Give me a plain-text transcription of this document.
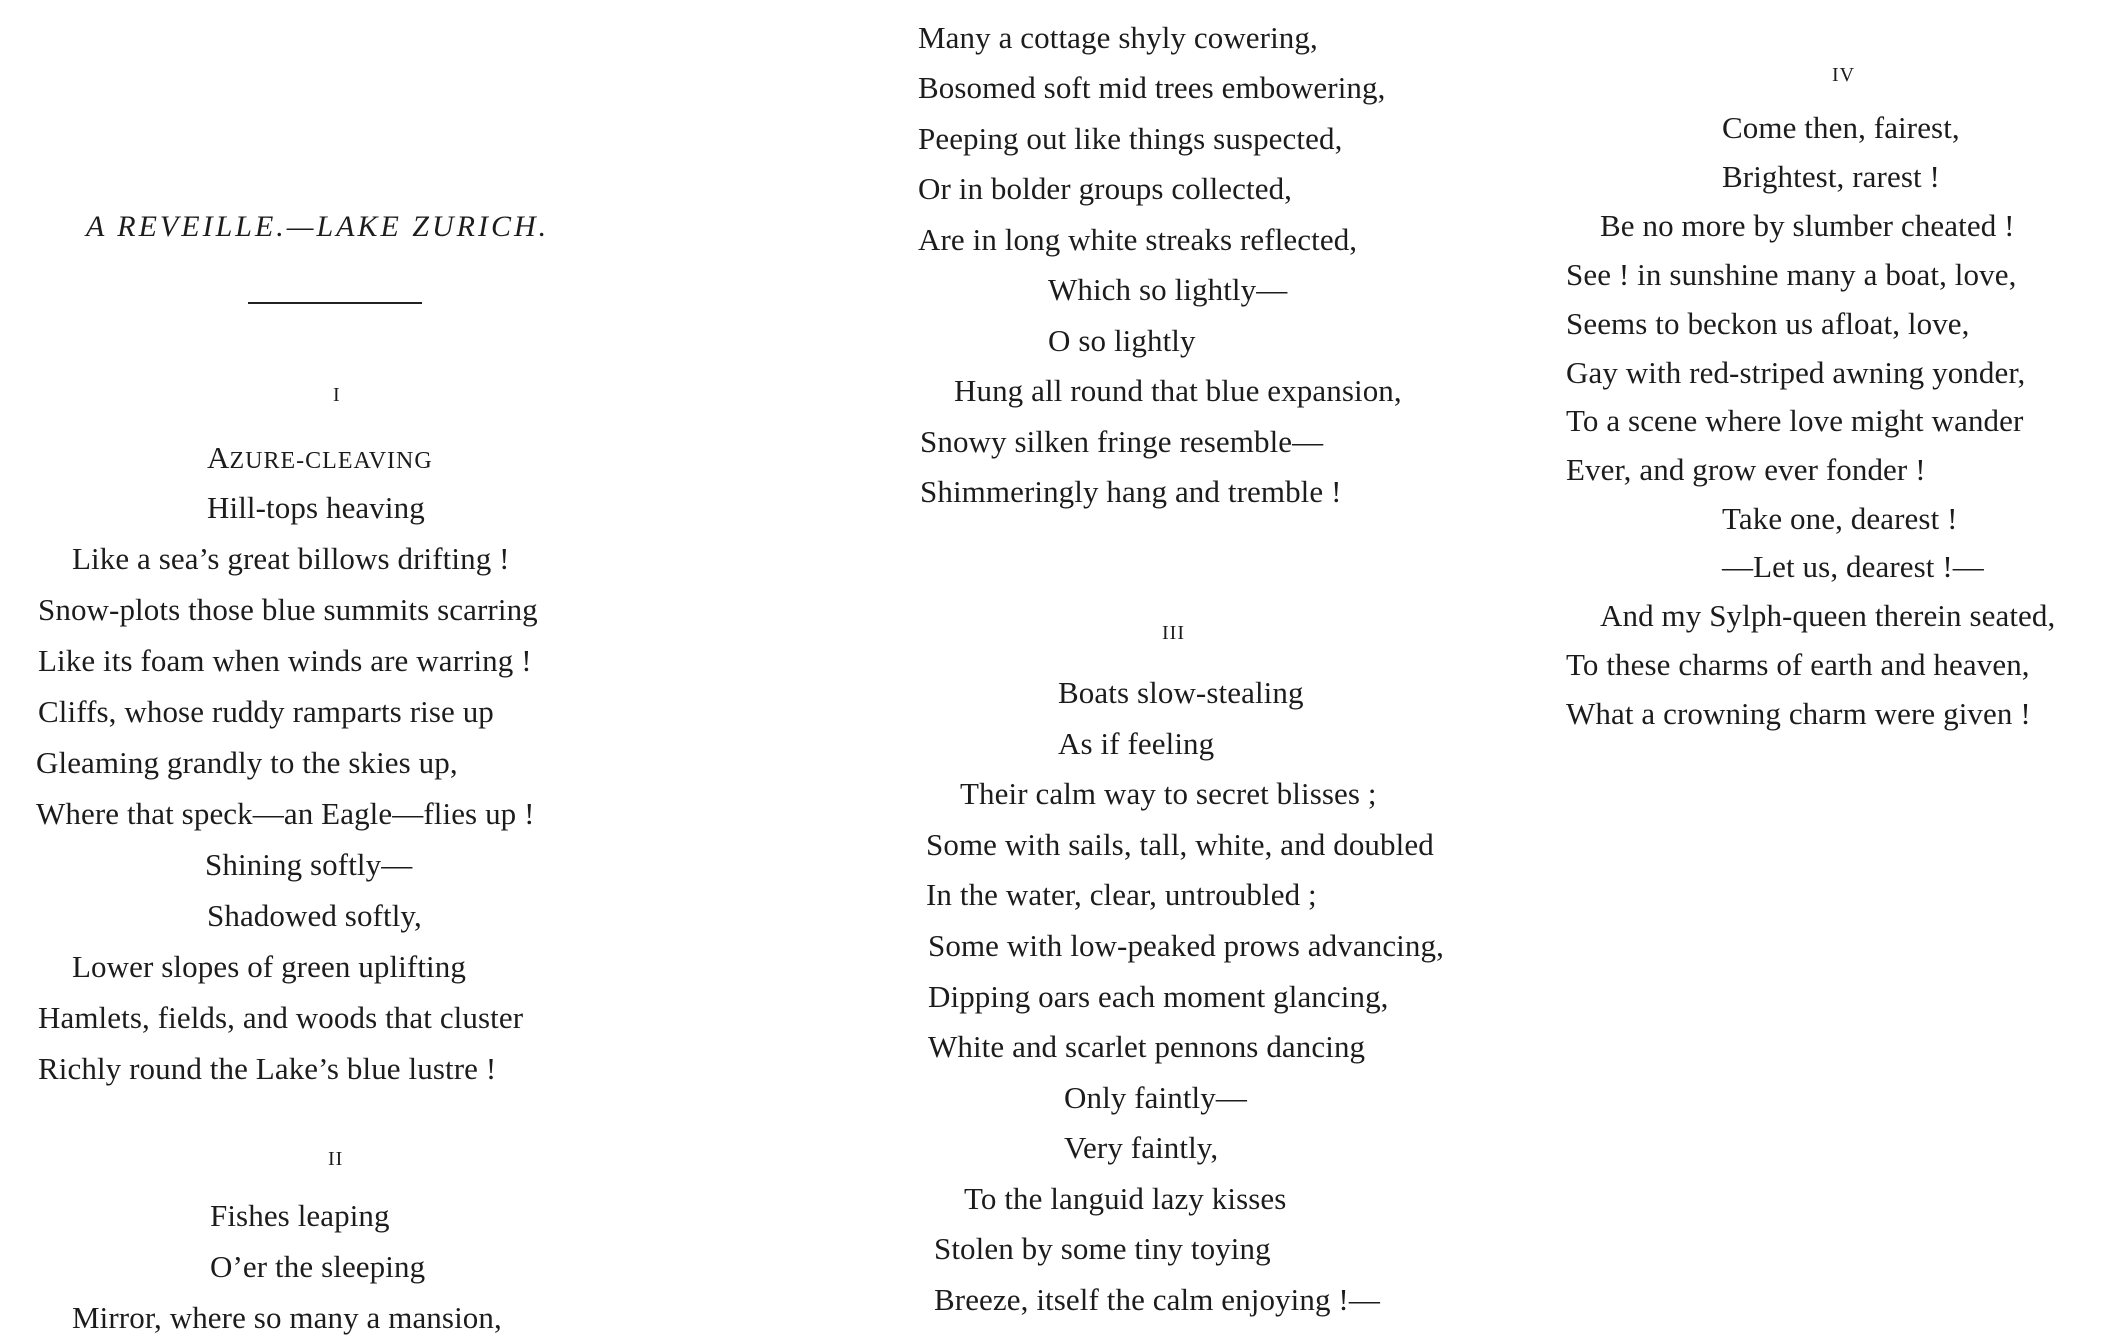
A REVEILLE.—LAKE ZURICH.
I
AZURE-CLEAVING
Hill-tops heaving
Like a sea’s great billows drifting !
Snow-plots those blue summits scarring
Like its foam when winds are warring !
Cliffs, whose ruddy ramparts rise up
Gleaming grandly to the skies up,
Where that speck—an Eagle—flies up !
Shining softly—
Shadowed softly,
Lower slopes of green uplifting
Hamlets, fields, and woods that cluster
Richly round the Lake’s blue lustre !
II
Fishes leaping
O’er the sleeping
Mirror, where so many a mansion,
Many a cottage shyly cowering,
Bosomed soft mid trees embowering,
Peeping out like things suspected,
Or in bolder groups collected,
Are in long white streaks reflected,
Which so lightly—
O so lightly
Hung all round that blue expansion,
Snowy silken fringe resemble—
Shimmeringly hang and tremble !
III
Boats slow-stealing
As if feeling
Their calm way to secret blisses ;
Some with sails, tall, white, and doubled
In the water, clear, untroubled ;
Some with low-peaked prows advancing,
Dipping oars each moment glancing,
White and scarlet pennons dancing
Only faintly—
Very faintly,
To the languid lazy kisses
Stolen by some tiny toying
Breeze, itself the calm enjoying !—
IV
Come then, fairest,
Brightest, rarest !
Be no more by slumber cheated !
See ! in sunshine many a boat, love,
Seems to beckon us afloat, love,
Gay with red-striped awning yonder,
To a scene where love might wander
Ever, and grow ever fonder !
Take one, dearest !
—Let us, dearest !—
And my Sylph-queen therein seated,
To these charms of earth and heaven,
What a crowning charm were given !
